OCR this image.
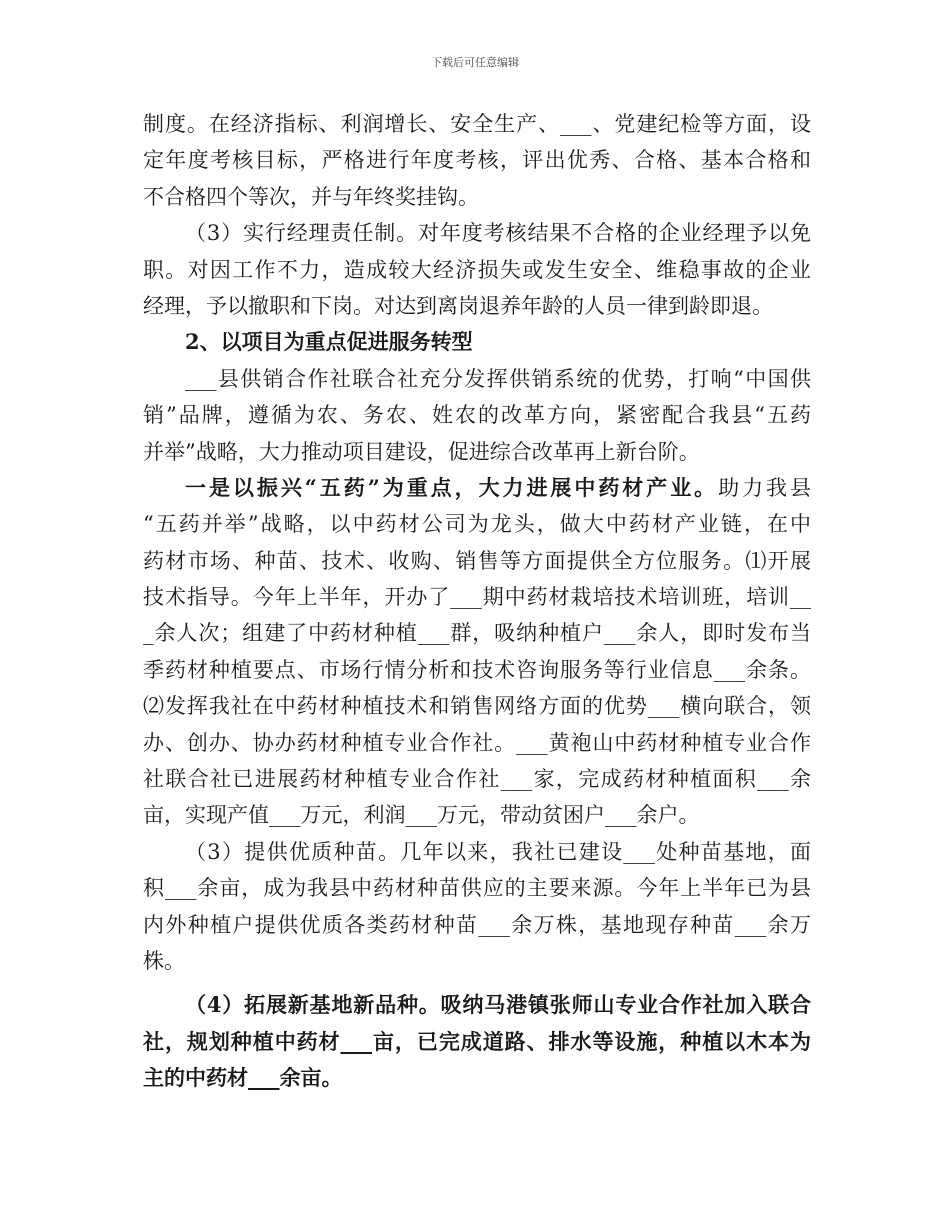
下载后可任意编辑
制度。在经济指标、利润增长、安全生产、___、党建纪检等方面，设
定年度考核目标，严格进行年度考核，评出优秀、合格、基本合格和
不合格四个等次，并与年终奖挂钩。
（3）实行经理责任制。对年度考核结果不合格的企业经理予以免
职。对因工作不力，造成较大经济损失或发生安全、维稳事故的企业
经理，予以撤职和下岗。对达到离岗退养年龄的人员一律到龄即退。
2、以项目为重点促进服务转型
___县供销合作社联合社充分发挥供销系统的优势，打响“中国供
销”品牌，遵循为农、务农、姓农的改革方向，紧密配合我县“五药
并举”战略，大力推动项目建设，促进综合改革再上新台阶。
一是以振兴“五药”为重点，大力进展中药材产业。助力我县
“五药并举”战略，以中药材公司为龙头，做大中药材产业链，在中
药材市场、种苗、技术、收购、销售等方面提供全方位服务。⑴开展
技术指导。今年上半年，开办了___期中药材栽培技术培训班，培训__
_余人次；组建了中药材种植___群，吸纳种植户___余人，即时发布当
季药材种植要点、市场行情分析和技术咨询服务等行业信息___余条。
⑵发挥我社在中药材种植技术和销售网络方面的优势___横向联合，领
办、创办、协办药材种植专业合作社。___黄袍山中药材种植专业合作
社联合社已进展药材种植专业合作社___家，完成药材种植面积___余
亩，实现产值___万元，利润___万元，带动贫困户___余户。
（3）提供优质种苗。几年以来，我社已建设___处种苗基地，面
积___余亩，成为我县中药材种苗供应的主要来源。今年上半年已为县
内外种植户提供优质各类药材种苗___余万株，基地现存种苗___余万
株。
（4）拓展新基地新品种。吸纳马港镇张师山专业合作社加入联合
社，规划种植中药材___亩，已完成道路、排水等设施，种植以木本为
主的中药材___余亩。
